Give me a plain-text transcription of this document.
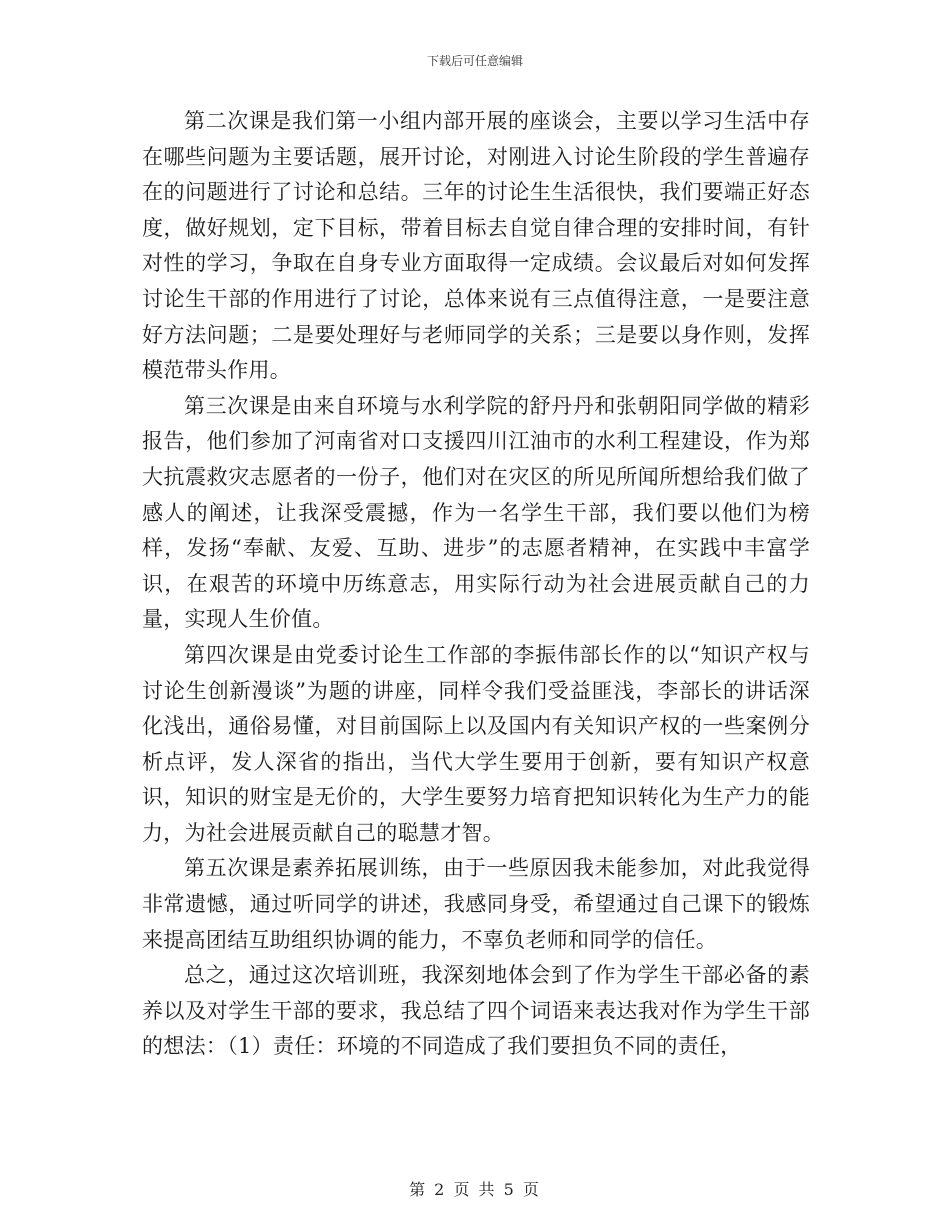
下载后可任意编辑

第二次课是我们第一小组内部开展的座谈会，主要以学习生活中存在哪些问题为主要话题，展开讨论，对刚进入讨论生阶段的学生普遍存在的问题进行了讨论和总结。三年的讨论生生活很快，我们要端正好态度，做好规划，定下目标，带着目标去自觉自律合理的安排时间，有针对性的学习，争取在自身专业方面取得一定成绩。会议最后对如何发挥讨论生干部的作用进行了讨论，总体来说有三点值得注意，一是要注意好方法问题；二是要处理好与老师同学的关系；三是要以身作则，发挥模范带头作用。

第三次课是由来自环境与水利学院的舒丹丹和张朝阳同学做的精彩报告，他们参加了河南省对口支援四川江油市的水利工程建设，作为郑大抗震救灾志愿者的一份子，他们对在灾区的所见所闻所想给我们做了感人的阐述，让我深受震撼，作为一名学生干部，我们要以他们为榜样，发扬“奉献、友爱、互助、进步”的志愿者精神，在实践中丰富学识，在艰苦的环境中历练意志，用实际行动为社会进展贡献自己的力量，实现人生价值。

第四次课是由党委讨论生工作部的李振伟部长作的以“知识产权与讨论生创新漫谈”为题的讲座，同样令我们受益匪浅，李部长的讲话深化浅出，通俗易懂，对目前国际上以及国内有关知识产权的一些案例分析点评，发人深省的指出，当代大学生要用于创新，要有知识产权意识，知识的财宝是无价的，大学生要努力培育把知识转化为生产力的能力，为社会进展贡献自己的聪慧才智。

第五次课是素养拓展训练，由于一些原因我未能参加，对此我觉得非常遗憾，通过听同学的讲述，我感同身受，希望通过自己课下的锻炼来提高团结互助组织协调的能力，不辜负老师和同学的信任。

总之，通过这次培训班，我深刻地体会到了作为学生干部必备的素养以及对学生干部的要求，我总结了四个词语来表达我对作为学生干部的想法：（1）责任：环境的不同造成了我们要担负不同的责任，

第 2 页 共 5 页
